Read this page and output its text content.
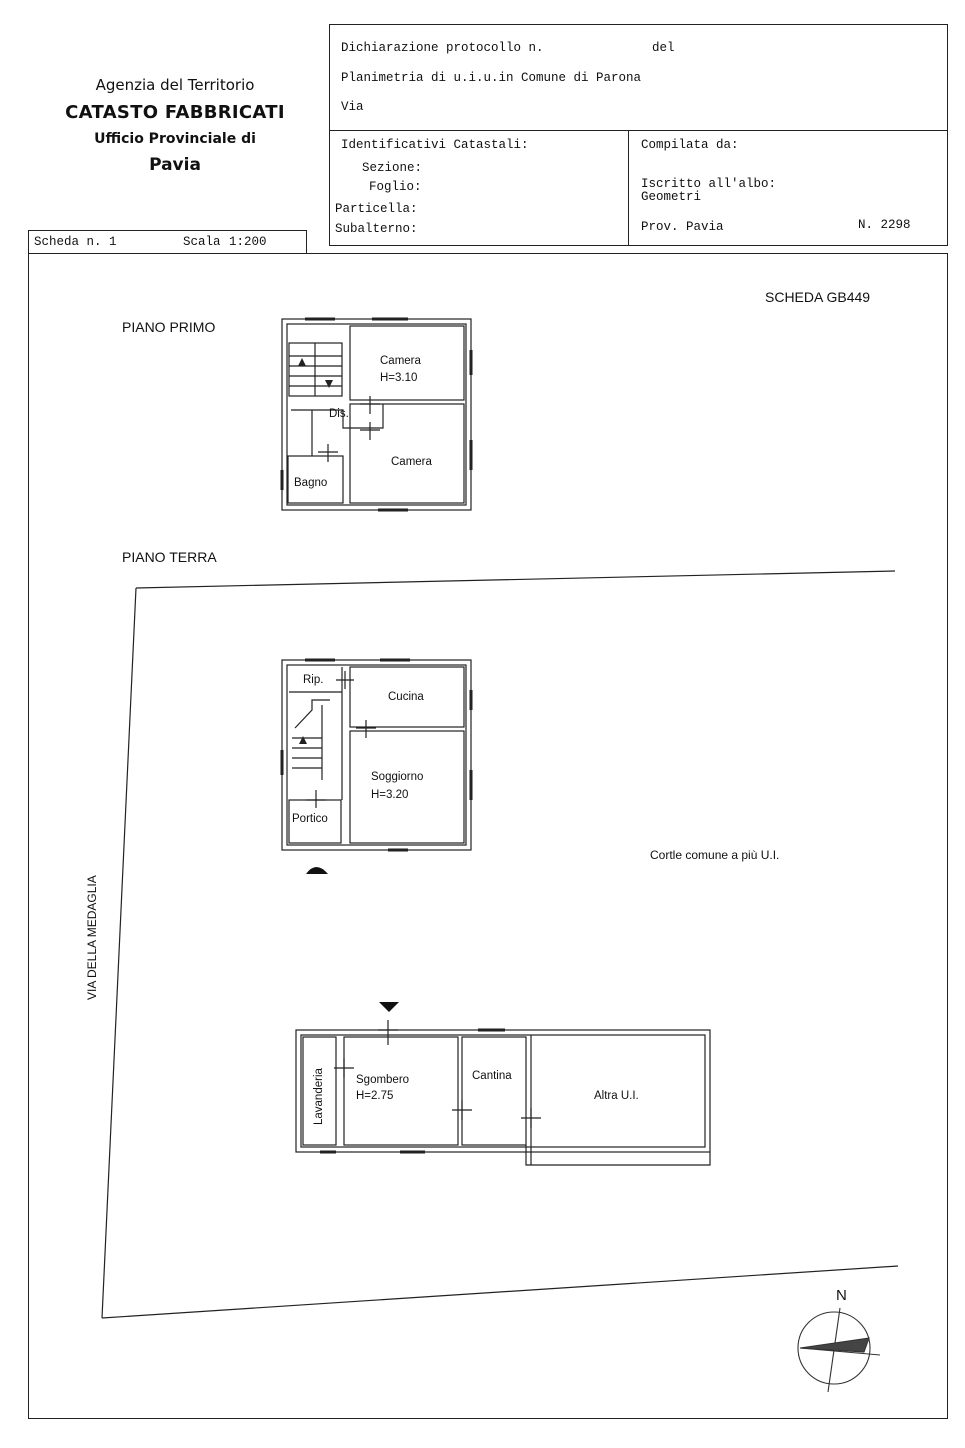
Agenzia del Territorio
CATASTO FABBRICATI
Ufficio Provinciale di
Pavia
Dichiarazione protocollo n.	del
Planimetria di u.i.u.in Comune di Parona
Via
Identificativi Catastali:
Sezione:
Foglio:
Particella:
Subalterno:
Compilata da:
Iscritto all'albo:
Geometri
Prov. Pavia	N. 2298
Scheda n. 1	Scala 1:200
SCHEDA GB449
PIANO PRIMO
PIANO TERRA
VIA DELLA MEDAGLIA
Cortle comune a più U.I.
N
Camera
H=3.10
Dis.
Camera
Bagno
Rip.
Cucina
Soggiorno
H=3.20
Portico
Lavanderia	Sgombero
H=2.75
Cantina
Altra U.I.
